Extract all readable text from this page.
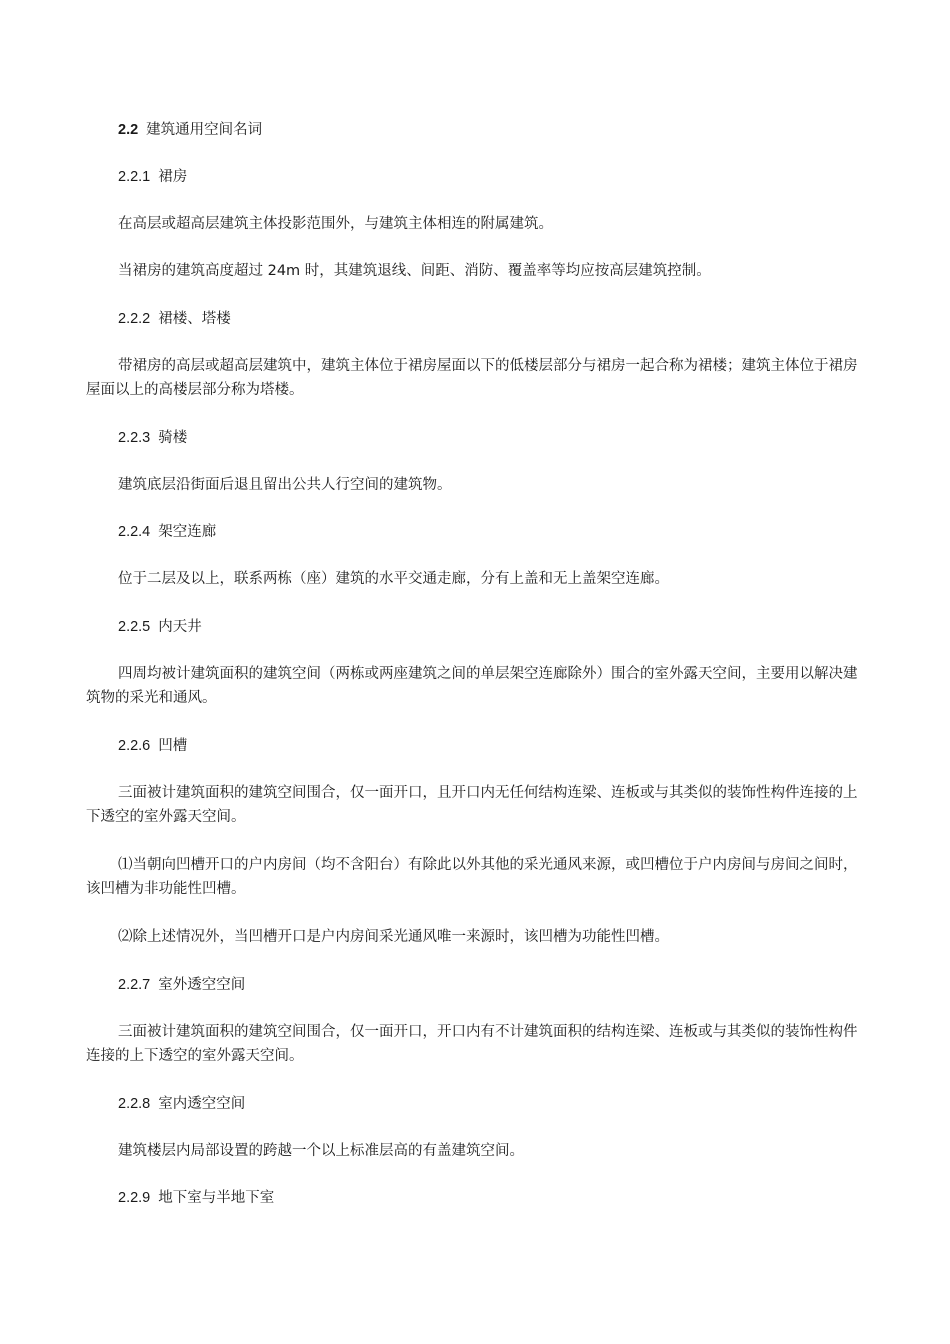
2.2 建筑通用空间名词

2.2.1 裙房

在高层或超高层建筑主体投影范围外，与建筑主体相连的附属建筑。

当裙房的建筑高度超过 24m 时，其建筑退线、间距、消防、覆盖率等均应按高层建筑控制。

2.2.2 裙楼、塔楼

带裙房的高层或超高层建筑中，建筑主体位于裙房屋面以下的低楼层部分与裙房一起合称为裙楼；建筑主体位于裙房屋面以上的高楼层部分称为塔楼。

2.2.3 骑楼

建筑底层沿街面后退且留出公共人行空间的建筑物。

2.2.4 架空连廊

位于二层及以上，联系两栋（座）建筑的水平交通走廊，分有上盖和无上盖架空连廊。

2.2.5 内天井

四周均被计建筑面积的建筑空间（两栋或两座建筑之间的单层架空连廊除外）围合的室外露天空间，主要用以解决建筑物的采光和通风。

2.2.6 凹槽

三面被计建筑面积的建筑空间围合，仅一面开口，且开口内无任何结构连梁、连板或与其类似的装饰性构件连接的上下透空的室外露天空间。

⑴当朝向凹槽开口的户内房间（均不含阳台）有除此以外其他的采光通风来源，或凹槽位于户内房间与房间之间时，该凹槽为非功能性凹槽。

⑵除上述情况外，当凹槽开口是户内房间采光通风唯一来源时，该凹槽为功能性凹槽。

2.2.7 室外透空空间

三面被计建筑面积的建筑空间围合，仅一面开口，开口内有不计建筑面积的结构连梁、连板或与其类似的装饰性构件连接的上下透空的室外露天空间。

2.2.8 室内透空空间

建筑楼层内局部设置的跨越一个以上标准层高的有盖建筑空间。

2.2.9 地下室与半地下室
